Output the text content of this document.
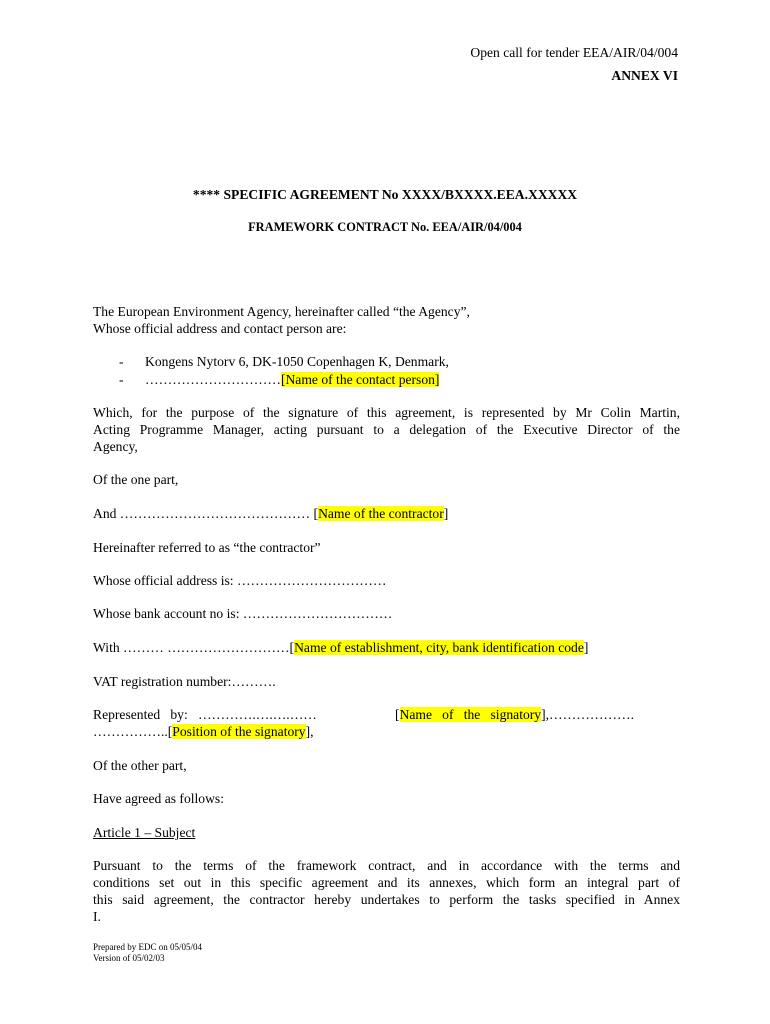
Open call for tender EEA/AIR/04/004
ANNEX VI
**** SPECIFIC AGREEMENT No XXXX/BXXXX.EEA.XXXXX
FRAMEWORK CONTRACT No. EEA/AIR/04/004
The European Environment Agency, hereinafter called “the Agency”,
Whose official address and contact person are:
- Kongens Nytorv 6, DK-1050 Copenhagen K, Denmark,
- …………………………[Name of the contact person]
Which, for the purpose of the signature of this agreement, is represented by Mr Colin Martin,
Acting Programme Manager, acting pursuant to a delegation of the Executive Director of the
Agency,
Of the one part,
And …………………………………… [Name of the contractor]
Hereinafter referred to as “the contractor”
Whose official address is: ……………………………
Whose bank account no is: ……………………………
With ……… ………………………[Name of establishment, city, bank identification code]
VAT registration number:……….
Represented   by:   ………….….….……	[Name   of   the   signatory],……………….
……………..[Position of the signatory],
Of the other part,
Have agreed as follows:
Article 1 – Subject
Pursuant to the terms of the framework contract, and in accordance with the terms and
conditions set out in this specific agreement and its annexes, which form an integral part of
this said agreement, the contractor hereby undertakes to perform the tasks specified in Annex
I.
Prepared by EDC on 05/05/04
Version of 05/02/03
